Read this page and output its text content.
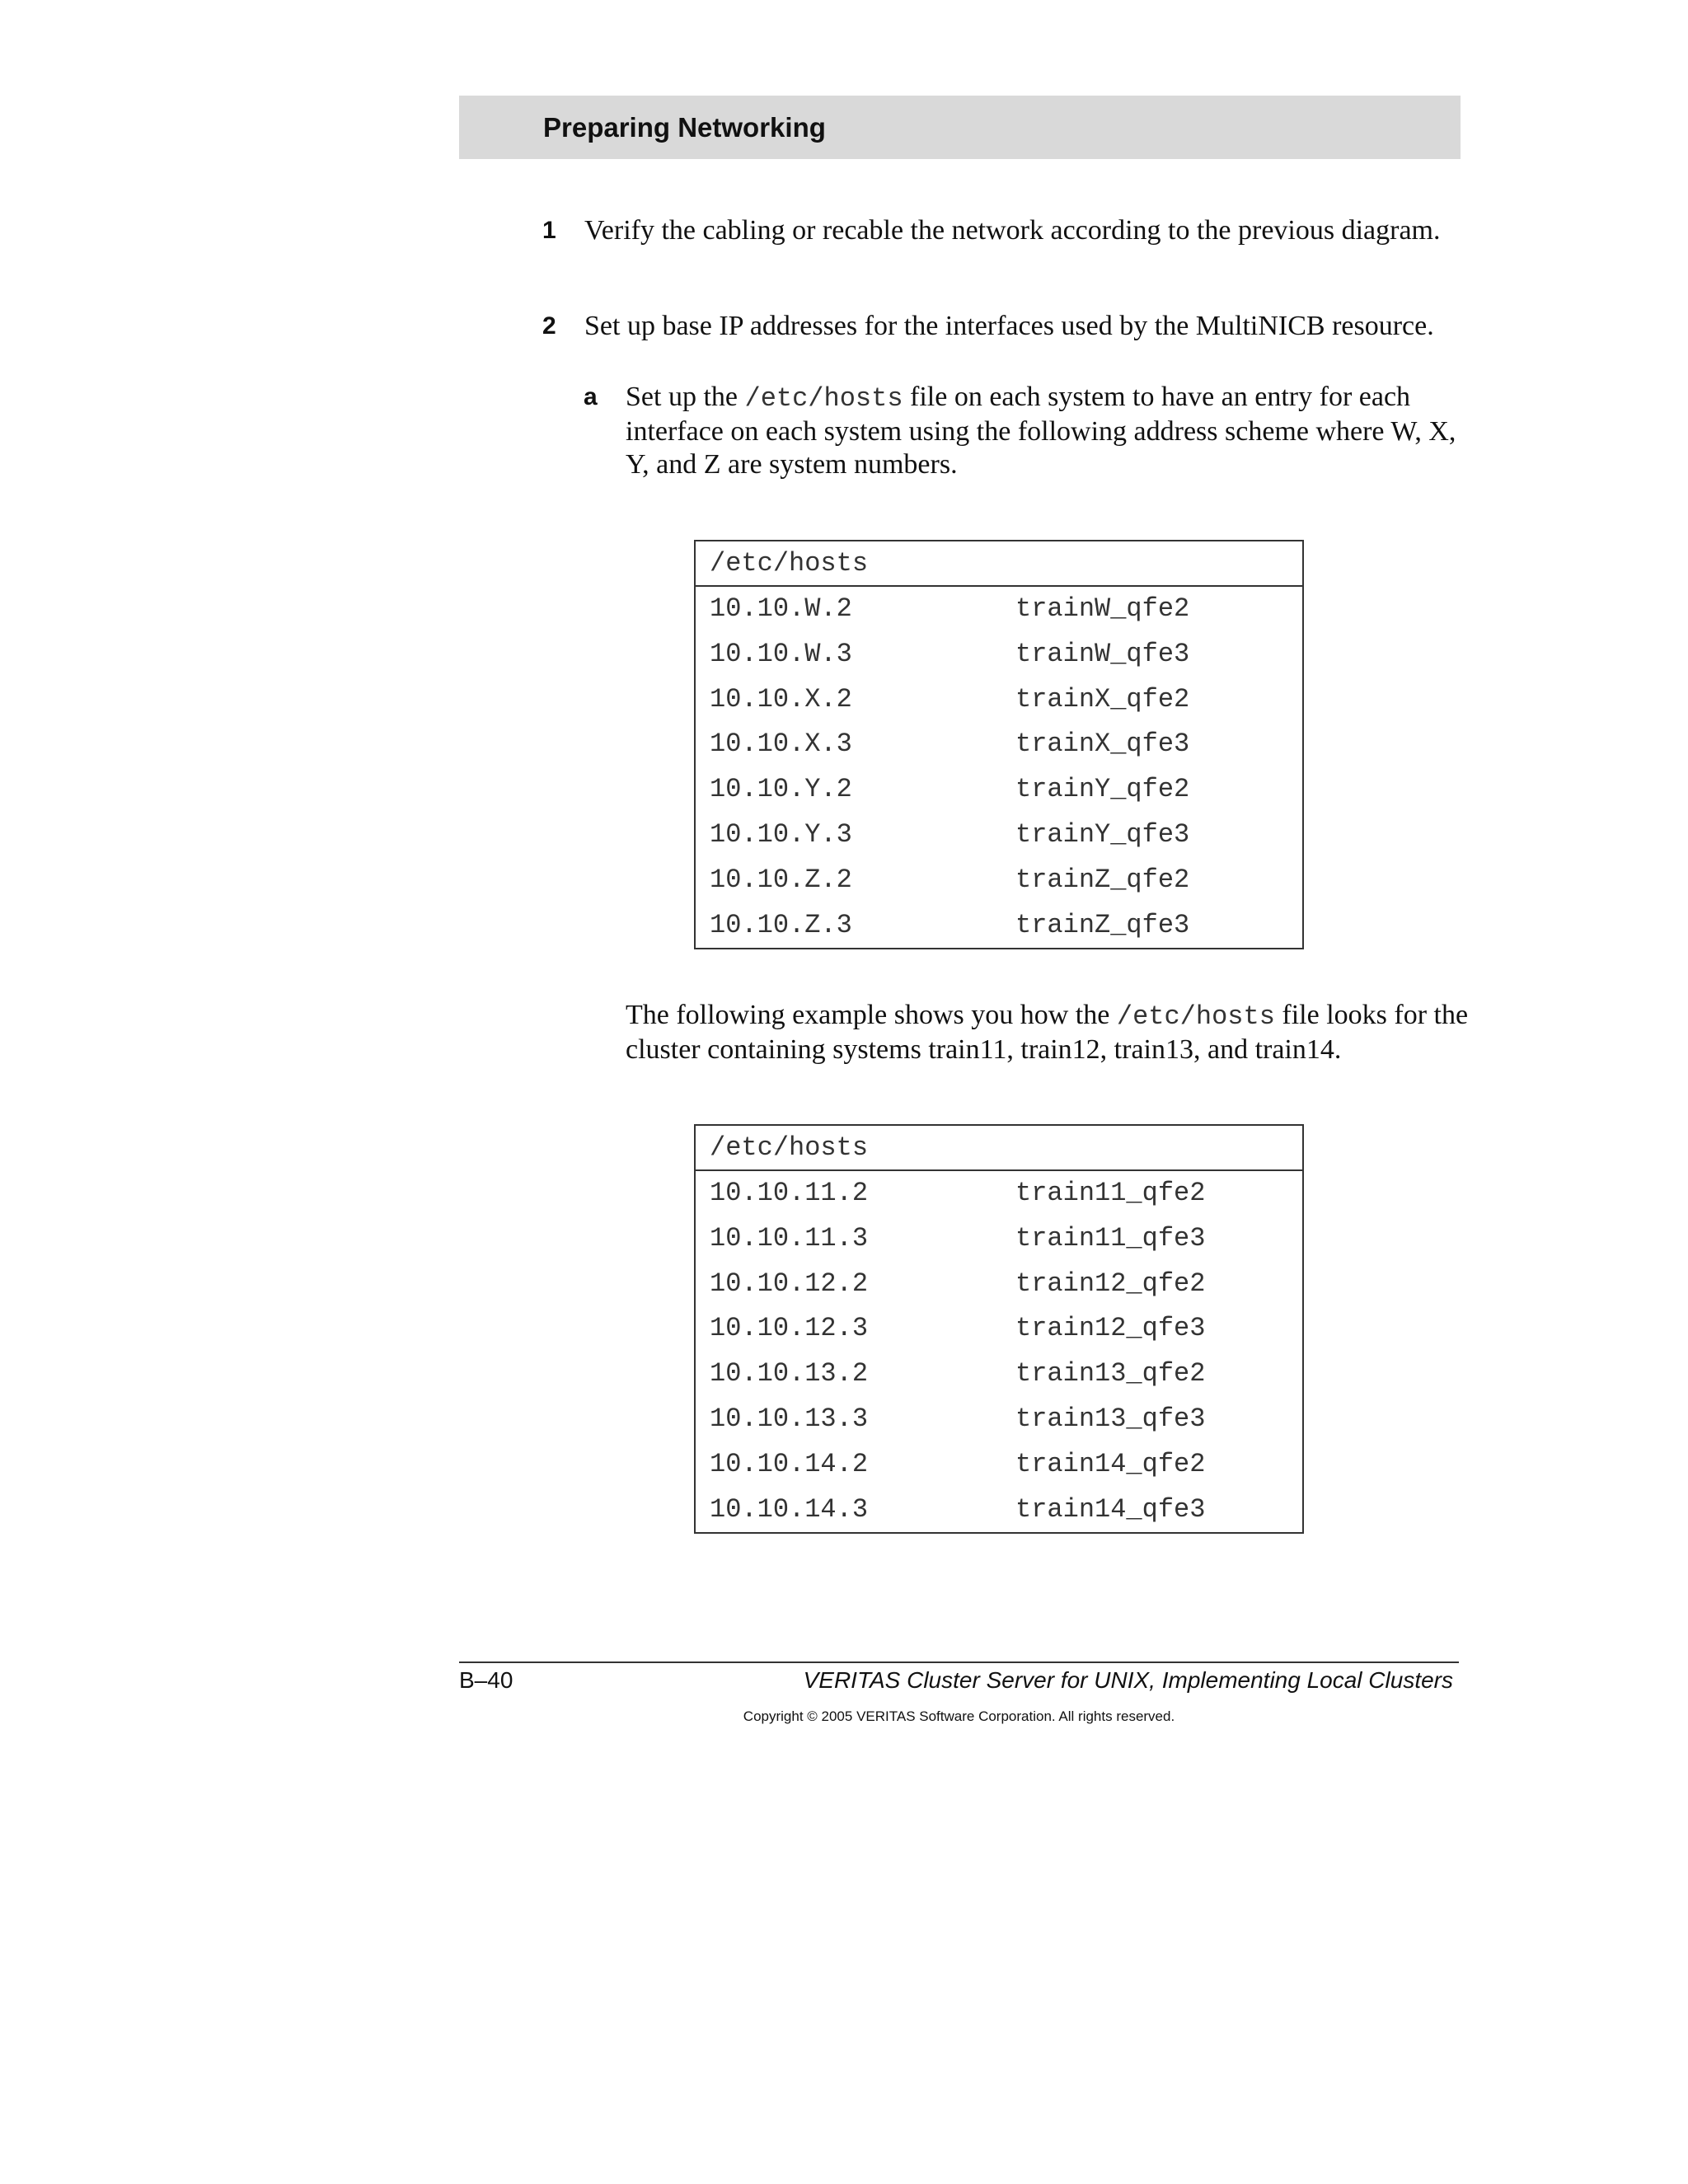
Preparing Networking
1 Verify the cabling or recable the network according to the previous diagram.
2 Set up base IP addresses for the interfaces used by the MultiNICB resource.
a Set up the /etc/hosts file on each system to have an entry for each
interface on each system using the following address scheme where W, X,
Y, and Z are system numbers.
/etc/hosts
10.10.W.2	trainW_qfe2
10.10.W.3	trainW_qfe3
10.10.X.2	trainX_qfe2
10.10.X.3	trainX_qfe3
10.10.Y.2	trainY_qfe2
10.10.Y.3	trainY_qfe3
10.10.Z.2	trainZ_qfe2
10.10.Z.3	trainZ_qfe3
The following example shows you how the /etc/hosts file looks for the
cluster containing systems train11, train12, train13, and train14.
/etc/hosts
10.10.11.2	train11_qfe2
10.10.11.3	train11_qfe3
10.10.12.2	train12_qfe2
10.10.12.3	train12_qfe3
10.10.13.2	train13_qfe2
10.10.13.3	train13_qfe3
10.10.14.2	train14_qfe2
10.10.14.3	train14_qfe3
B–40	VERITAS Cluster Server for UNIX, Implementing Local Clusters
Copyright © 2005 VERITAS Software Corporation. All rights reserved.
